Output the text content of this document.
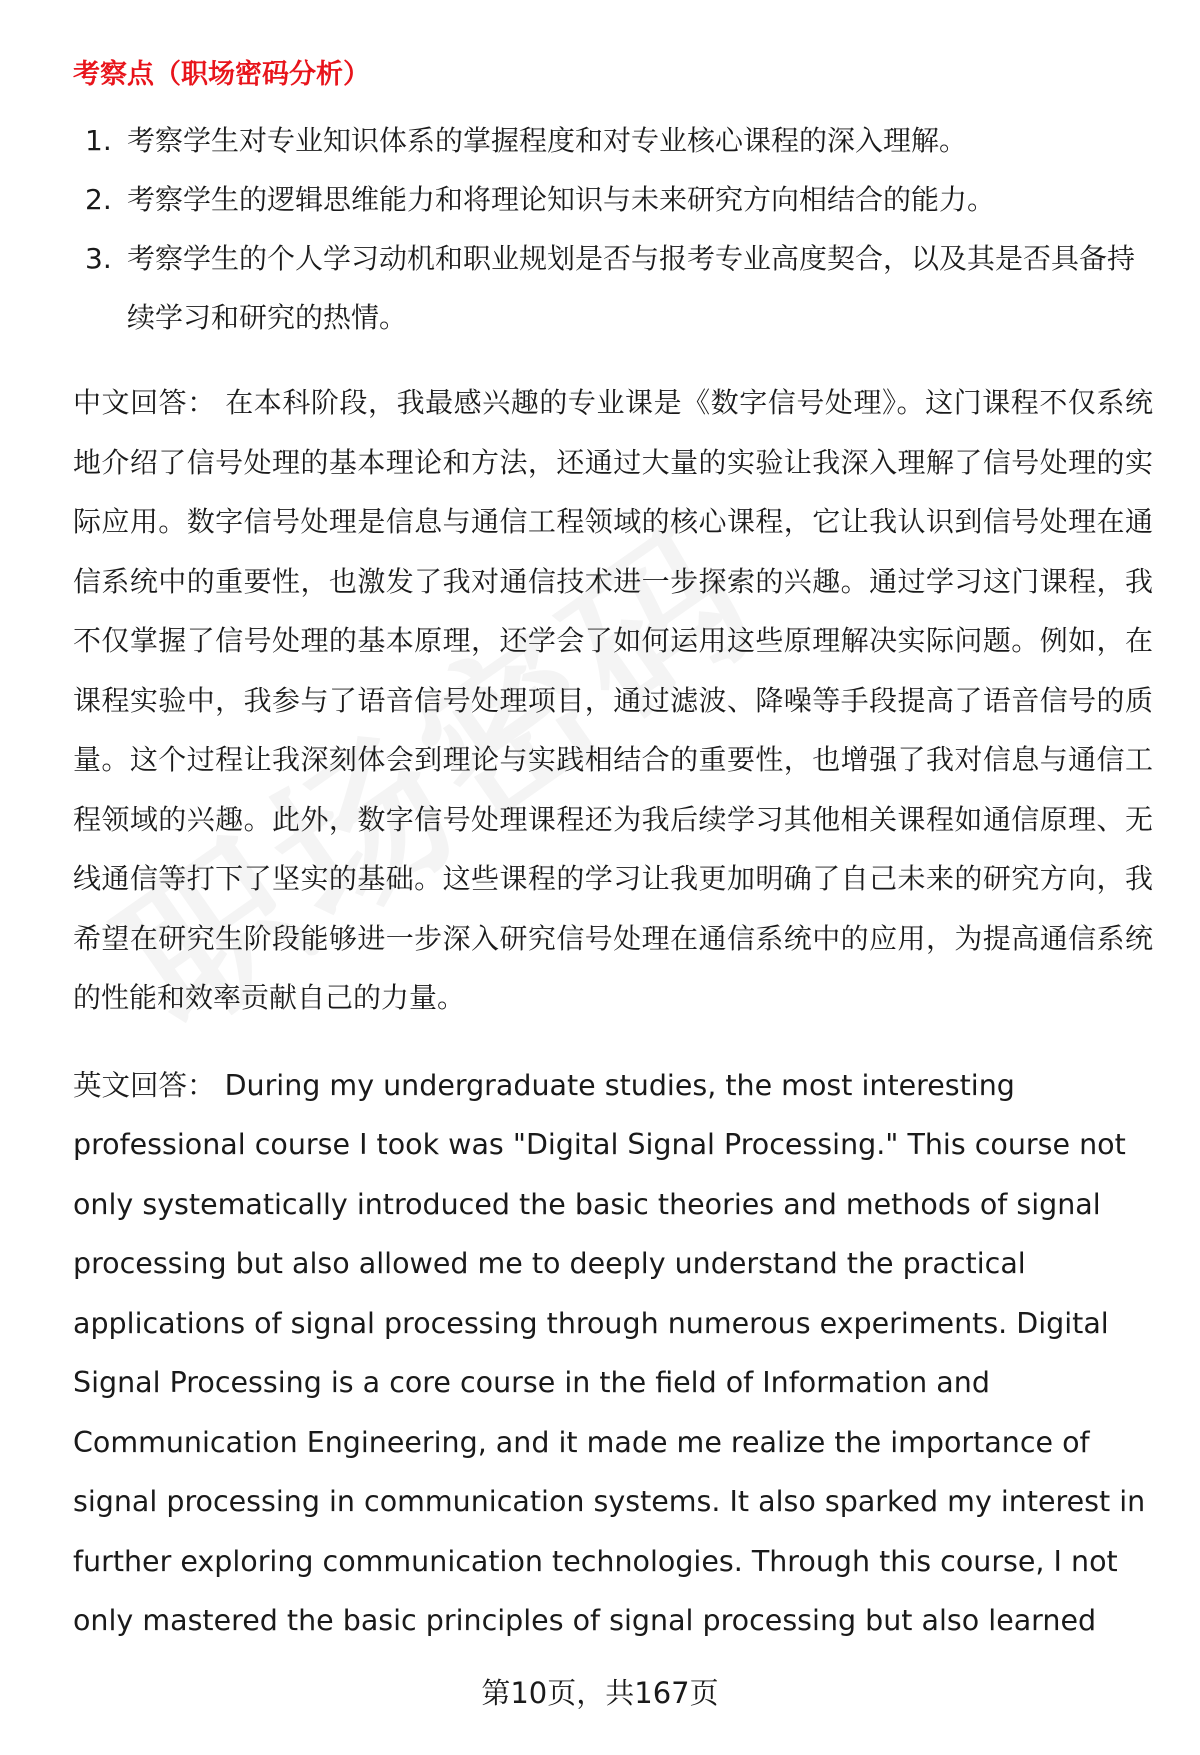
考察点（职场密码分析）
1. 考察学生对专业知识体系的掌握程度和对专业核心课程的深入理解。
2. 考察学生的逻辑思维能力和将理论知识与未来研究方向相结合的能力。
3. 考察学生的个人学习动机和职业规划是否与报考专业高度契合，以及其是否具备持续学习和研究的热情。

中文回答： 在本科阶段，我最感兴趣的专业课是《数字信号处理》。这门课程不仅系统地介绍了信号处理的基本理论和方法，还通过大量的实验让我深入理解了信号处理的实际应用。数字信号处理是信息与通信工程领域的核心课程，它让我认识到信号处理在通信系统中的重要性，也激发了我对通信技术进一步探索的兴趣。通过学习这门课程，我不仅掌握了信号处理的基本原理，还学会了如何运用这些原理解决实际问题。例如，在课程实验中，我参与了语音信号处理项目，通过滤波、降噪等手段提高了语音信号的质量。这个过程让我深刻体会到理论与实践相结合的重要性，也增强了我对信息与通信工程领域的兴趣。此外，数字信号处理课程还为我后续学习其他相关课程如通信原理、无线通信等打下了坚实的基础。这些课程的学习让我更加明确了自己未来的研究方向，我希望在研究生阶段能够进一步深入研究信号处理在通信系统中的应用，为提高通信系统的性能和效率贡献自己的力量。

英文回答： During my undergraduate studies, the most interesting professional course I took was "Digital Signal Processing." This course not only systematically introduced the basic theories and methods of signal processing but also allowed me to deeply understand the practical applications of signal processing through numerous experiments. Digital Signal Processing is a core course in the field of Information and Communication Engineering, and it made me realize the importance of signal processing in communication systems. It also sparked my interest in further exploring communication technologies. Through this course, I not only mastered the basic principles of signal processing but also learned

第10页，共167页
